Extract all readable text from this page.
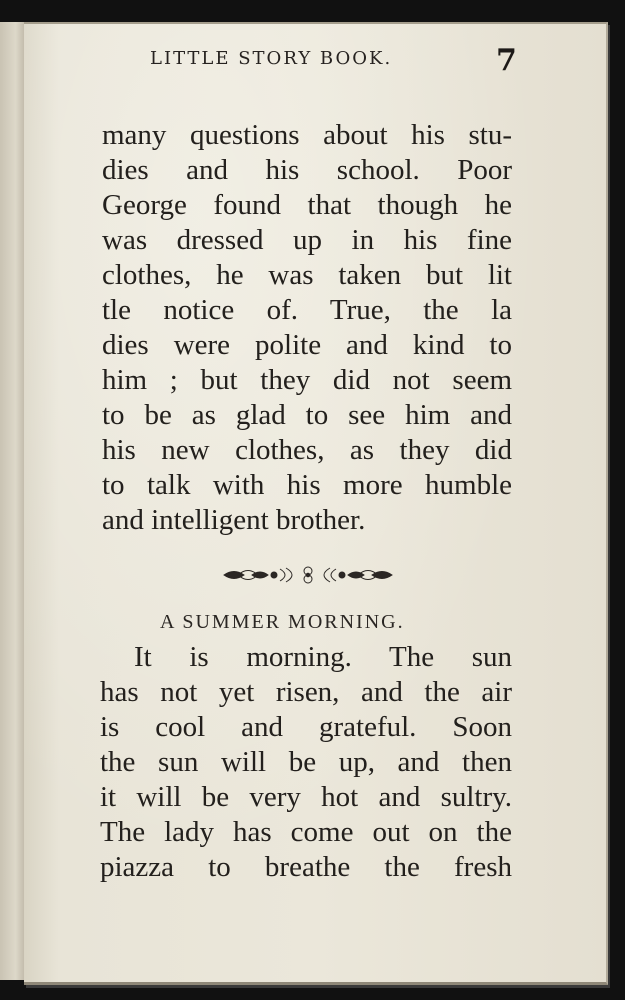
LITTLE STORY BOOK.	7
many questions about his stu-
dies and his school. Poor
George found that though he
was dressed up in his fine
clothes, he was taken but lit
tle notice of. True, the la
dies were polite and kind to
him ; but they did not seem
to be as glad to see him and
his new clothes, as they did
to talk with his more humble
and intelligent brother.
A SUMMER MORNING.
It is morning. The sun
has not yet risen, and the air
is cool and grateful. Soon
the sun will be up, and then
it will be very hot and sultry.
The lady has come out on the
piazza to breathe the fresh
